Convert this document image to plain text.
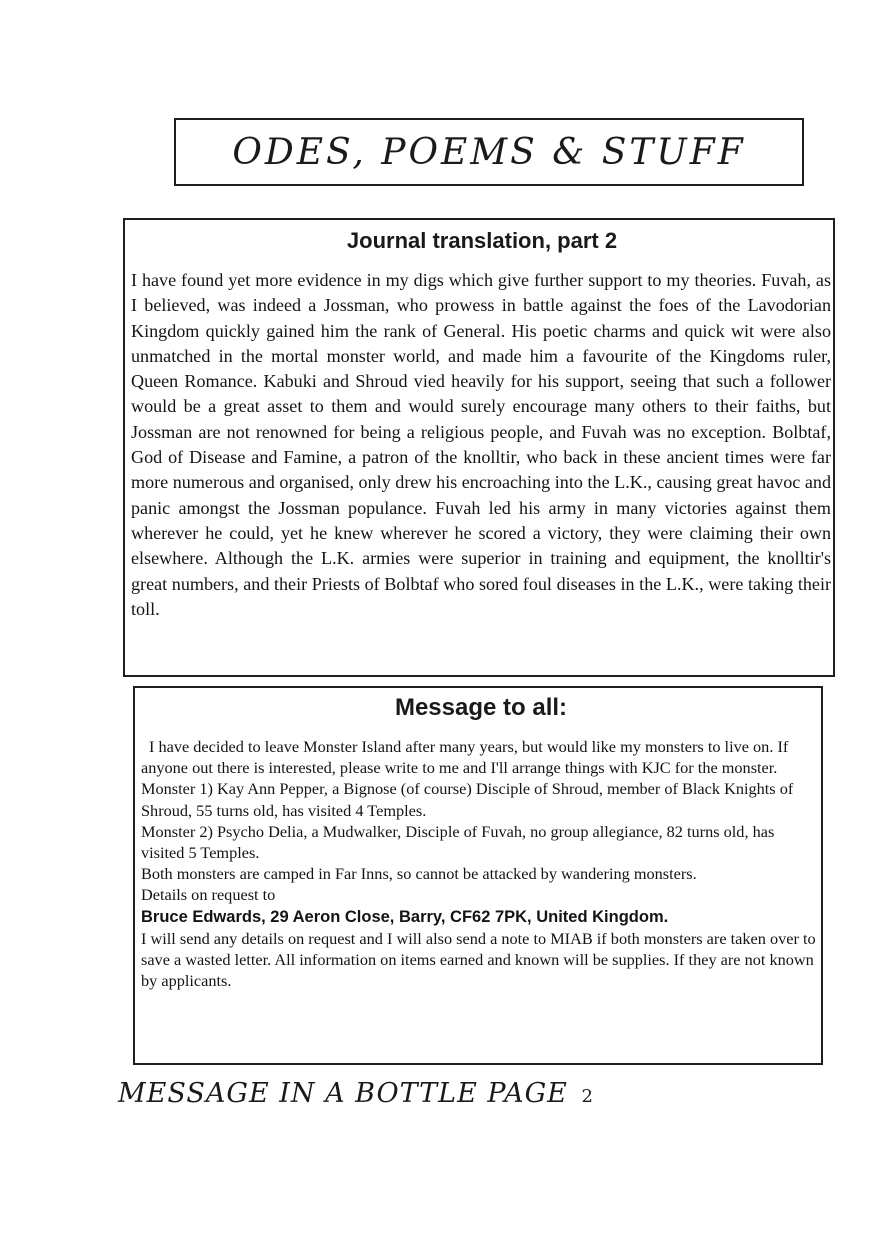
ODES, POEMS & STUFF
Journal translation, part 2

I have found yet more evidence in my digs which give further support to my theories. Fuvah, as I believed, was indeed a Jossman, who prowess in battle against the foes of the Lavodorian Kingdom quickly gained him the rank of General. His poetic charms and quick wit were also unmatched in the mortal monster world, and made him a favourite of the Kingdoms ruler, Queen Romance. Kabuki and Shroud vied heavily for his support, seeing that such a follower would be a great asset to them and would surely encourage many others to their faiths, but Jossman are not renowned for being a religious people, and Fuvah was no exception. Bolbtaf, God of Disease and Famine, a patron of the knolltir, who back in these ancient times were far more numerous and organised, only drew his encroaching into the L.K., causing great havoc and panic amongst the Jossman populance. Fuvah led his army in many victories against them wherever he could, yet he knew wherever he scored a victory, they were claiming their own elsewhere. Although the L.K. armies were superior in training and equipment, the knolltir's great numbers, and their Priests of Bolbtaf who sored foul diseases in the L.K., were taking their toll.

Message to all:

I have decided to leave Monster Island after many years, but would like my monsters to live on. If anyone out there is interested, please write to me and I'll arrange things with KJC for the monster.

Monster 1) Kay Ann Pepper, a Bignose (of course) Disciple of Shroud, member of Black Knights of Shroud, 55 turns old, has visited 4 Temples.

Monster 2) Psycho Delia, a Mudwalker, Disciple of Fuvah, no group allegiance, 82 turns old, has visited 5 Temples.

Both monsters are camped in Far Inns, so cannot be attacked by wandering monsters.

Details on request to

Bruce Edwards, 29 Aeron Close, Barry, CF62 7PK, United Kingdom.

I will send any details on request and I will also send a note to MIAB if both monsters are taken over to save a wasted letter. All information on items earned and known will be supplies. If they are not known by applicants.

MESSAGE IN A BOTTLE PAGE 2
